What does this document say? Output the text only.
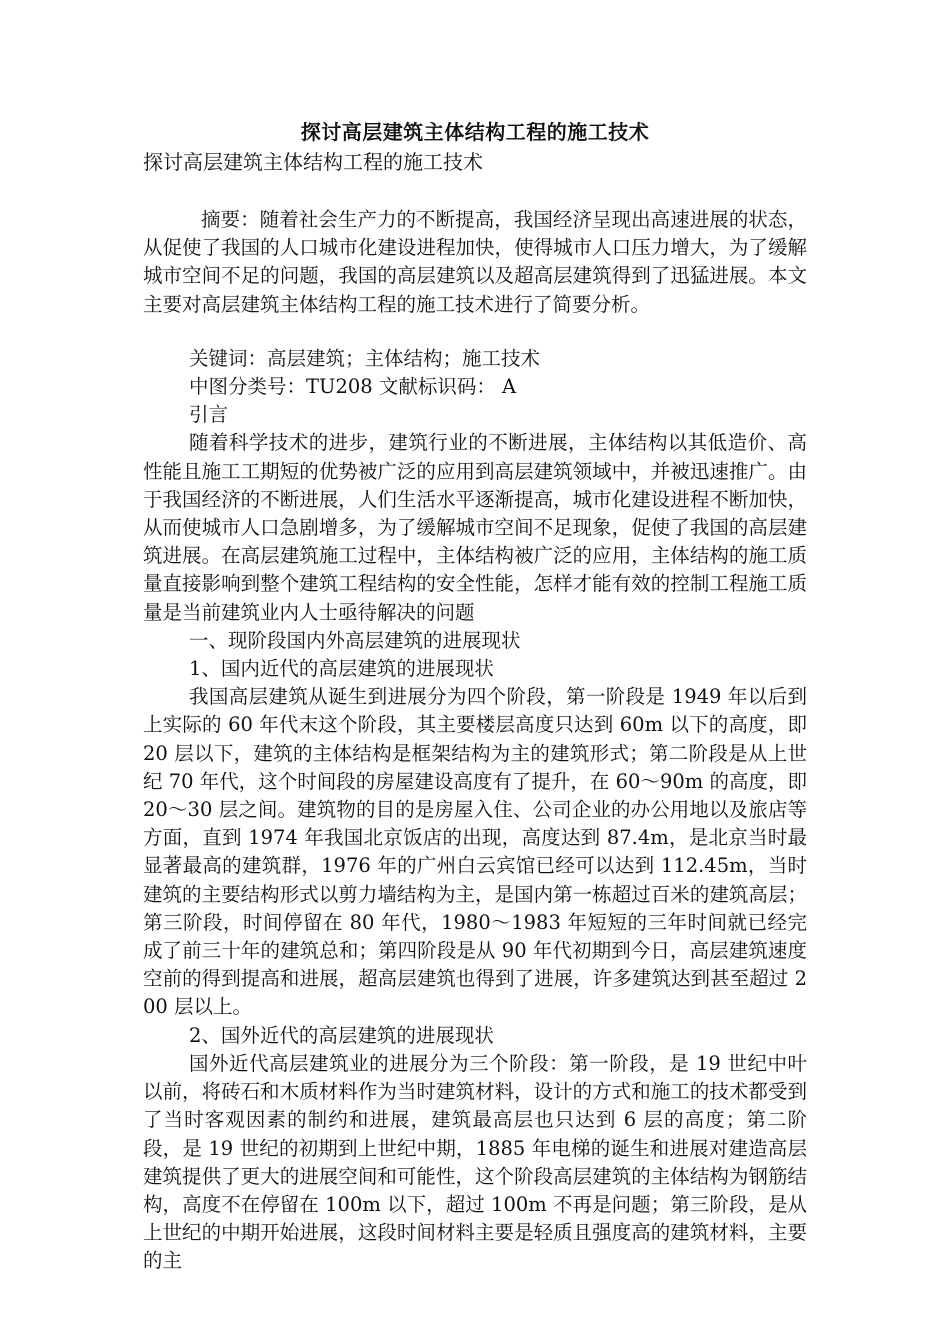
探讨高层建筑主体结构工程的施工技术

探讨高层建筑主体结构工程的施工技术

摘要：随着社会生产力的不断提高，我国经济呈现出高速进展的状态，从促使了我国的人口城市化建设进程加快，使得城市人口压力增大，为了缓解城市空间不足的问题，我国的高层建筑以及超高层建筑得到了迅猛进展。本文主要对高层建筑主体结构工程的施工技术进行了简要分析。

关键词：高层建筑；主体结构；施工技术

中图分类号：TU208 文献标识码： A

引言

随着科学技术的进步，建筑行业的不断进展，主体结构以其低造价、高性能且施工工期短的优势被广泛的应用到高层建筑领域中，并被迅速推广。由于我国经济的不断进展，人们生活水平逐渐提高，城市化建设进程不断加快，从而使城市人口急剧增多，为了缓解城市空间不足现象，促使了我国的高层建筑进展。在高层建筑施工过程中，主体结构被广泛的应用，主体结构的施工质量直接影响到整个建筑工程结构的安全性能，怎样才能有效的控制工程施工质量是当前建筑业内人士亟待解决的问题

一、现阶段国内外高层建筑的进展现状

1、国内近代的高层建筑的进展现状

我国高层建筑从诞生到进展分为四个阶段，第一阶段是 1949 年以后到上实际的 60 年代末这个阶段，其主要楼层高度只达到 60m 以下的高度，即 20 层以下，建筑的主体结构是框架结构为主的建筑形式；第二阶段是从上世纪 70 年代，这个时间段的房屋建设高度有了提升，在 60～90m 的高度，即 20～30 层之间。建筑物的目的是房屋入住、公司企业的办公用地以及旅店等方面，直到 1974 年我国北京饭店的出现，高度达到 87.4m，是北京当时最显著最高的建筑群，1976 年的广州白云宾馆已经可以达到 112.45m，当时建筑的主要结构形式以剪力墙结构为主，是国内第一栋超过百米的建筑高层；第三阶段，时间停留在 80 年代，1980～1983 年短短的三年时间就已经完成了前三十年的建筑总和；第四阶段是从 90 年代初期到今日，高层建筑速度空前的得到提高和进展，超高层建筑也得到了进展，许多建筑达到甚至超过 200 层以上。

2、国外近代的高层建筑的进展现状

国外近代高层建筑业的进展分为三个阶段：第一阶段，是 19 世纪中叶以前，将砖石和木质材料作为当时建筑材料，设计的方式和施工的技术都受到了当时客观因素的制约和进展，建筑最高层也只达到 6 层的高度；第二阶段，是 19 世纪的初期到上世纪中期，1885 年电梯的诞生和进展对建造高层建筑提供了更大的进展空间和可能性，这个阶段高层建筑的主体结构为钢筋结构，高度不在停留在 100m 以下，超过 100m 不再是问题；第三阶段，是从上世纪的中期开始进展，这段时间材料主要是轻质且强度高的建筑材料，主要的主
